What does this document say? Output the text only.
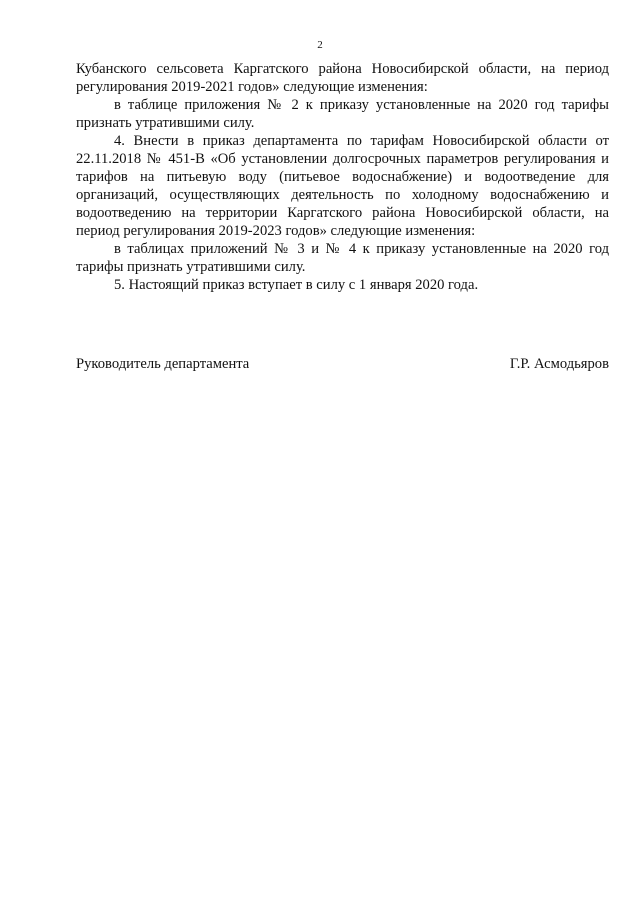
2
Кубанского сельсовета Каргатского района Новосибирской области, на период
регулирования 2019-2021 годов» следующие изменения:
в таблице приложения № 2 к приказу установленные на 2020 год тарифы
признать утратившими силу.
4. Внести в приказ департамента по тарифам Новосибирской области от
22.11.2018 № 451-В «Об установлении долгосрочных параметров регулирования и
тарифов на питьевую воду (питьевое водоснабжение) и водоотведение для
организаций, осуществляющих деятельность по холодному водоснабжению и
водоотведению на территории Каргатского района Новосибирской области, на
период регулирования 2019-2023 годов» следующие изменения:
в таблицах приложений № 3 и № 4 к приказу установленные на 2020 год
тарифы признать утратившими силу.
5. Настоящий приказ вступает в силу с 1 января 2020 года.
Руководитель департамента	Г.Р. Асмодьяров
